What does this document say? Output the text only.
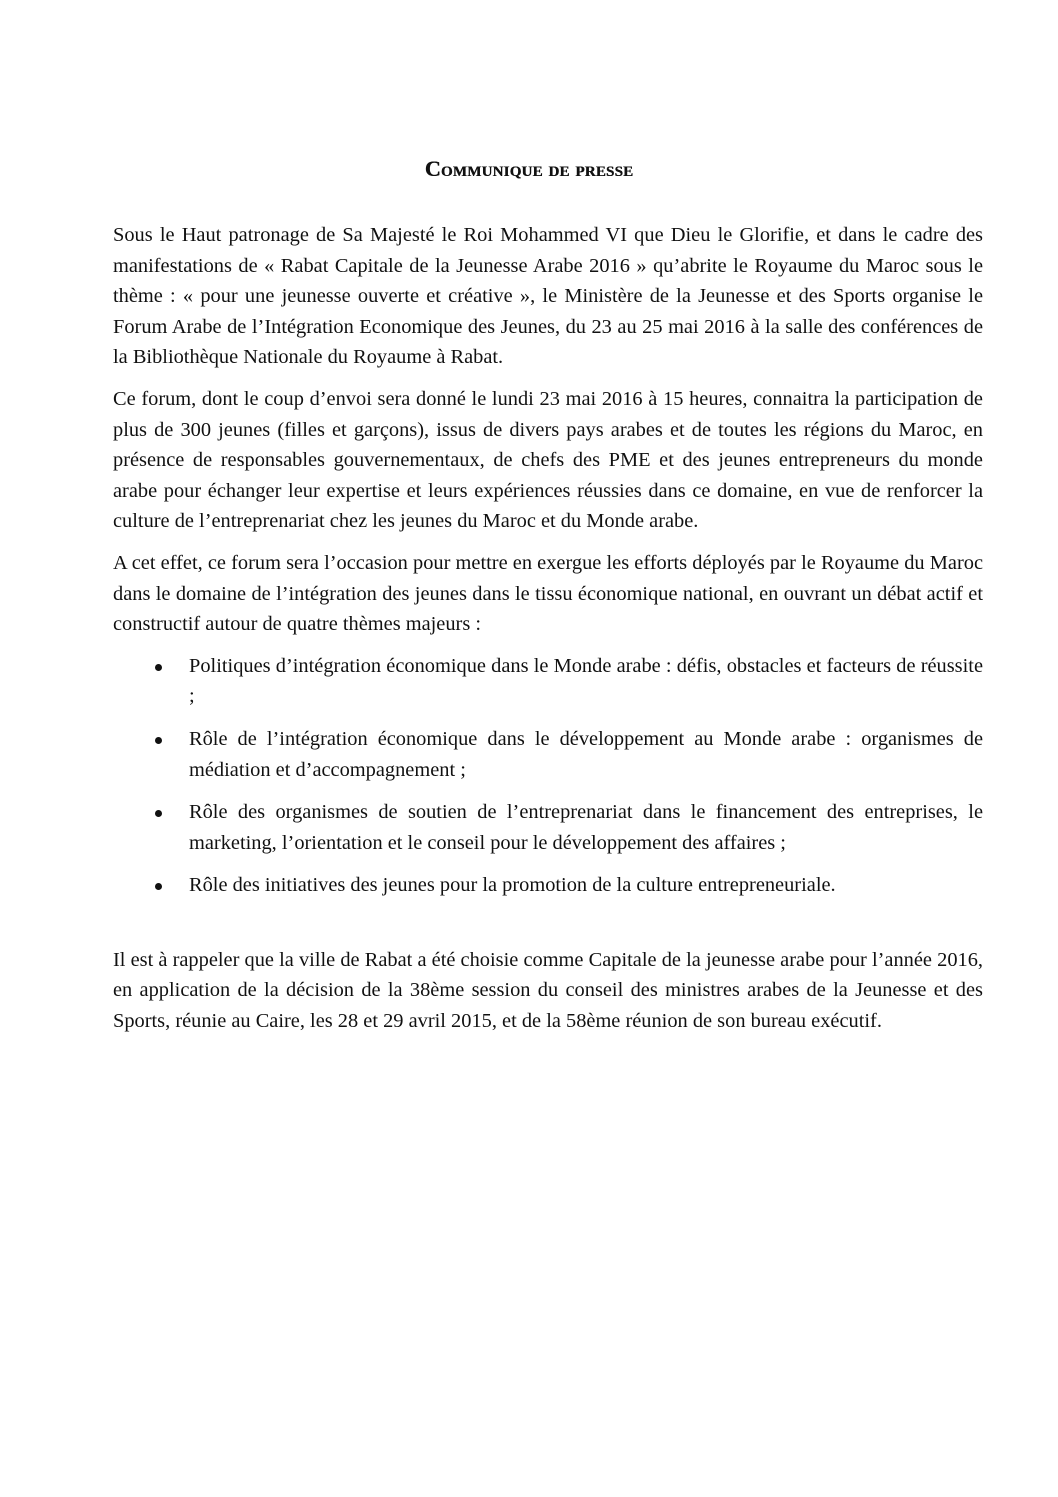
Communique de presse

Sous le Haut patronage de Sa Majesté le Roi Mohammed VI que Dieu le Glorifie, et dans le cadre des manifestations de « Rabat Capitale de la Jeunesse Arabe 2016 » qu’abrite le Royaume du Maroc sous le thème : « pour une jeunesse ouverte et créative », le Ministère de la Jeunesse et des Sports organise le Forum Arabe de l’Intégration Economique des Jeunes, du 23 au 25 mai 2016 à la salle des conférences de la Bibliothèque Nationale du Royaume à Rabat.

Ce forum, dont le coup d’envoi sera donné le lundi 23 mai 2016 à 15 heures, connaitra la participation de plus de 300 jeunes (filles et garçons), issus de divers pays arabes et de toutes les régions du Maroc, en présence de responsables gouvernementaux, de chefs des PME et des jeunes entrepreneurs du monde arabe pour échanger leur expertise et leurs expériences réussies dans ce domaine, en vue de renforcer la culture de l’entreprenariat chez les jeunes du Maroc et du Monde arabe.

A cet effet, ce forum sera l’occasion pour mettre en exergue les efforts déployés par le Royaume du Maroc dans le domaine de l’intégration des jeunes dans le tissu économique national, en ouvrant un débat actif et constructif autour de quatre thèmes majeurs :

Politiques d’intégration économique dans le Monde arabe : défis, obstacles et facteurs de réussite ;
Rôle de l’intégration économique dans le développement au Monde arabe : organismes de médiation et d’accompagnement ;
Rôle des organismes de soutien de l’entreprenariat dans le financement des entreprises, le marketing, l’orientation et le conseil pour le développement des affaires ;
Rôle des initiatives des jeunes pour la promotion de la culture entrepreneuriale.

Il est à rappeler que la ville de Rabat a été choisie comme Capitale de la jeunesse arabe pour l’année 2016, en application de la décision de la 38ème session du conseil des ministres arabes de la Jeunesse et des Sports, réunie au Caire, les 28 et 29 avril 2015, et de la 58ème réunion de son bureau exécutif.
